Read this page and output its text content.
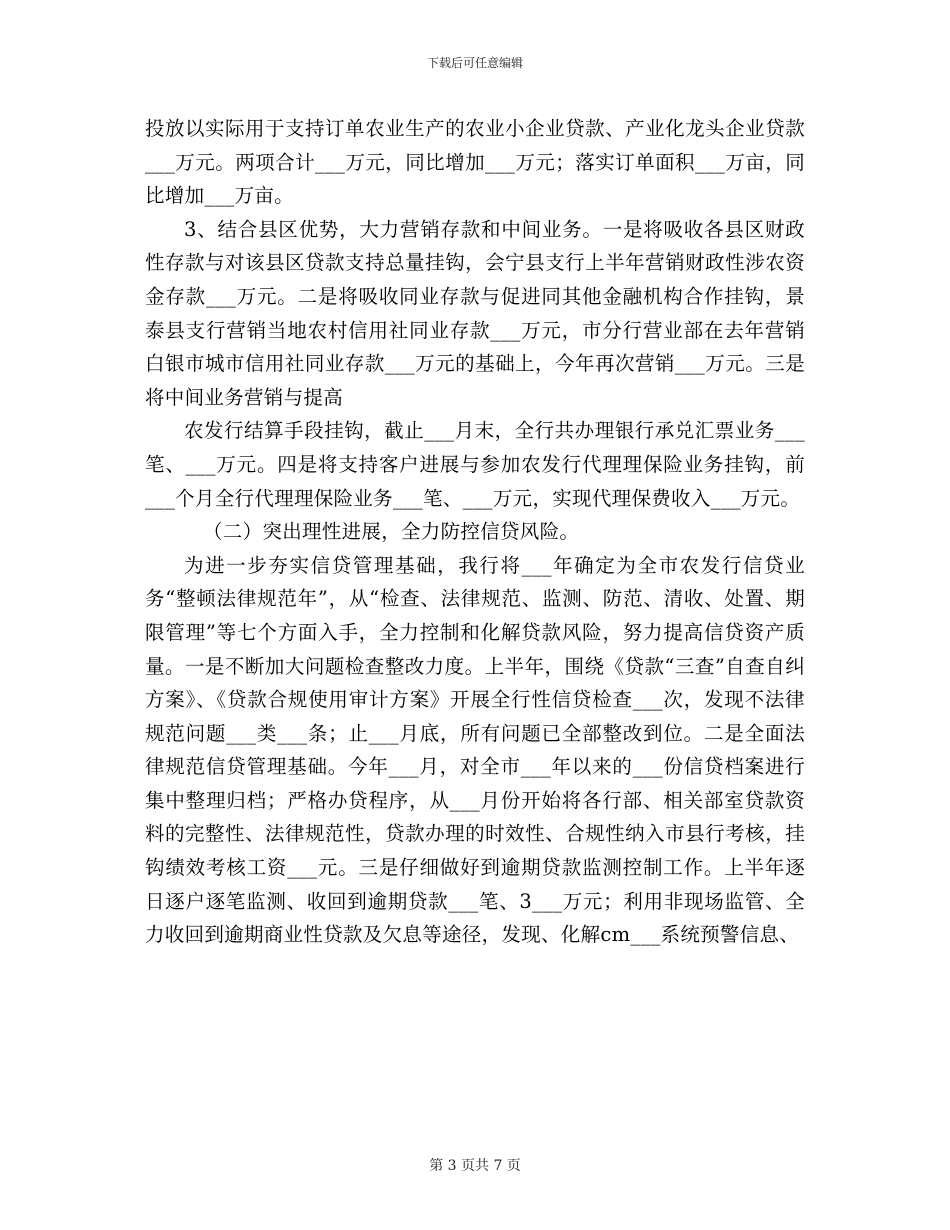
下载后可任意编辑

投放以实际用于支持订单农业生产的农业小企业贷款、产业化龙头企业贷款___万元。两项合计___万元，同比增加___万元；落实订单面积___万亩，同比增加___万亩。

3、结合县区优势，大力营销存款和中间业务。一是将吸收各县区财政性存款与对该县区贷款支持总量挂钩，会宁县支行上半年营销财政性涉农资金存款___万元。二是将吸收同业存款与促进同其他金融机构合作挂钩，景泰县支行营销当地农村信用社同业存款___万元，市分行营业部在去年营销白银市城市信用社同业存款___万元的基础上，今年再次营销___万元。三是将中间业务营销与提高

农发行结算手段挂钩，截止___月末，全行共办理银行承兑汇票业务___笔、___万元。四是将支持客户进展与参加农发行代理理保险业务挂钩，前___个月全行代理理保险业务___笔、___万元，实现代理保费收入___万元。

（二）突出理性进展，全力防控信贷风险。

为进一步夯实信贷管理基础，我行将___年确定为全市农发行信贷业务“整顿法律规范年”，从“检查、法律规范、监测、防范、清收、处置、期限管理”等七个方面入手，全力控制和化解贷款风险，努力提高信贷资产质量。一是不断加大问题检查整改力度。上半年，围绕《贷款“三查”自查自纠方案》、《贷款合规使用审计方案》开展全行性信贷检查___次，发现不法律规范问题___类___条；止___月底，所有问题已全部整改到位。二是全面法律规范信贷管理基础。今年___月，对全市___年以来的___份信贷档案进行集中整理归档；严格办贷程序，从___月份开始将各行部、相关部室贷款资料的完整性、法律规范性，贷款办理的时效性、合规性纳入市县行考核，挂钩绩效考核工资___元。三是仔细做好到逾期贷款监测控制工作。上半年逐日逐户逐笔监测、收回到逾期贷款___笔、3___万元；利用非现场监管、全力收回到逾期商业性贷款及欠息等途径，发现、化解cm___系统预警信息、

第 3 页共 7 页
